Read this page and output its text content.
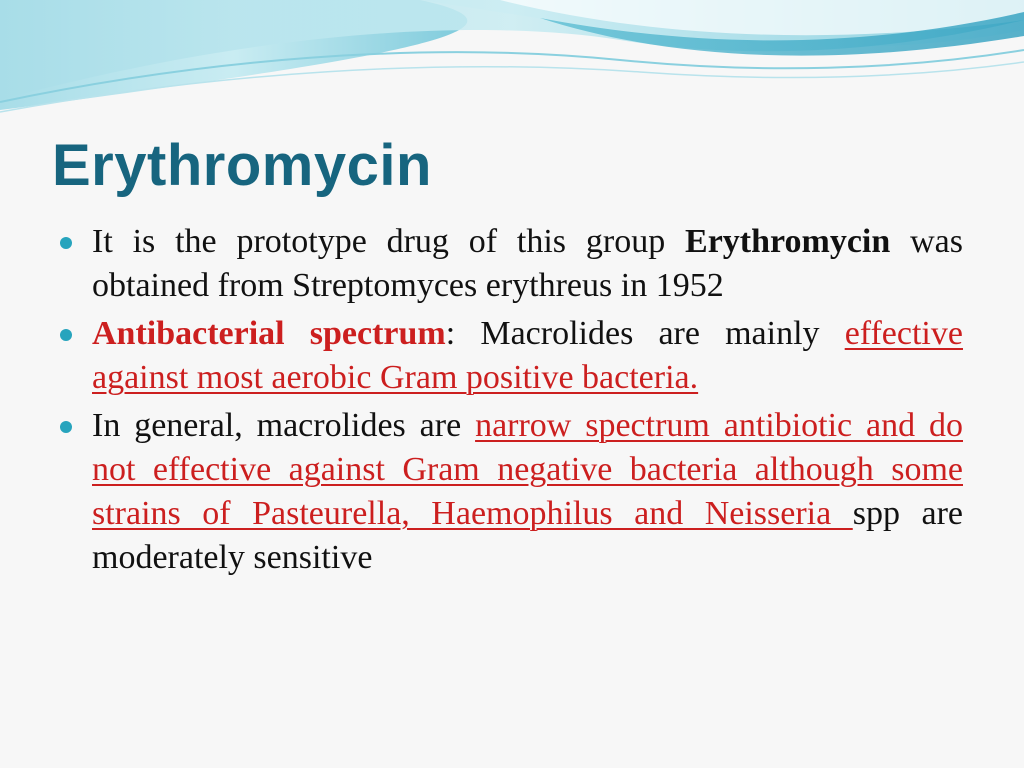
Erythromycin
It is the prototype drug of this group Erythromycin was obtained from Streptomyces erythreus in 1952
Antibacterial spectrum: Macrolides are mainly effective against most aerobic Gram positive bacteria.
In general, macrolides are narrow spectrum antibiotic and do not effective against Gram negative bacteria although some strains of Pasteurella, Haemophilus and Neisseria spp are moderately sensitive
